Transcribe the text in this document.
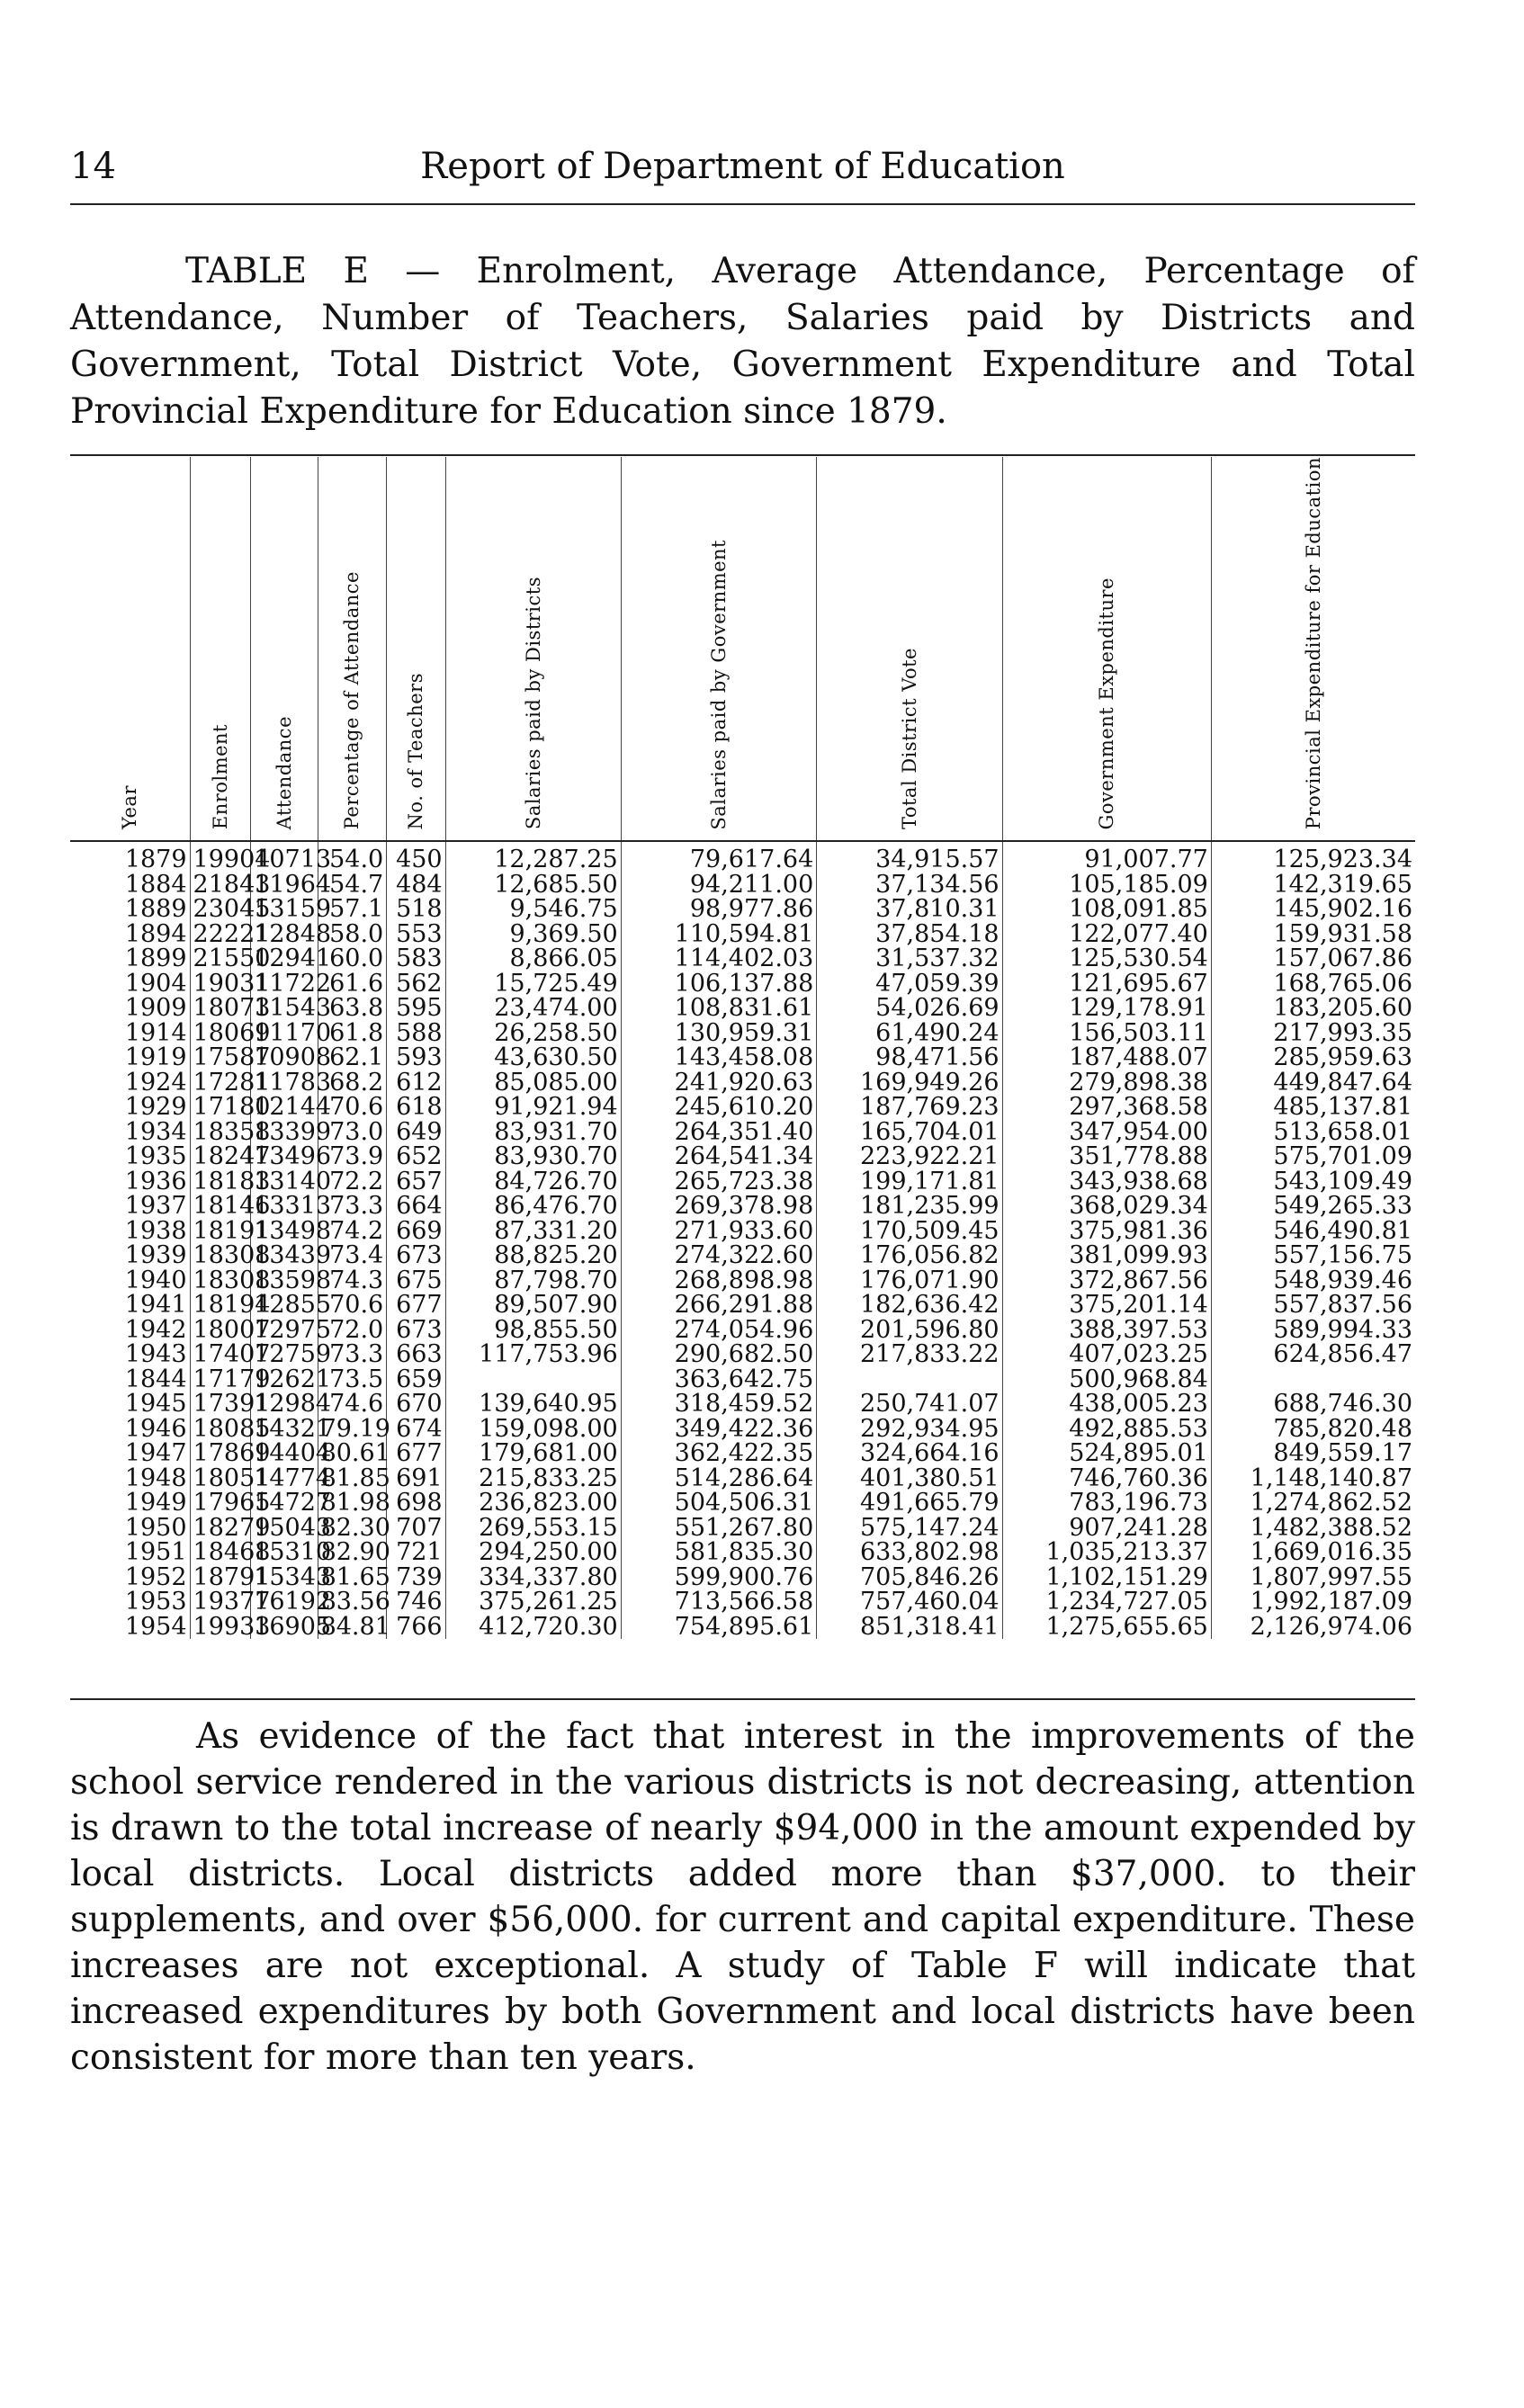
14	Report of Department of Education
TABLE E — Enrolment, Average Attendance, Percentage of Attendance, Number of Teachers, Salaries paid by Districts and Government, Total District Vote, Government Expenditure and Total Provincial Expenditure for Education since 1879.
Year	Enrolment	Attendance	Percentage of Attendance	No. of Teachers	Salaries paid by Districts	Salaries paid by Government	Total District Vote	Government Expenditure	Provincial Expenditure for Education
1879	19904	10713	54.0	450	12,287.25	79,617.64	34,915.57	91,007.77	125,923.34
1884	21843	11964	54.7	484	12,685.50	94,211.00	37,134.56	105,185.09	142,319.65
1889	23045	13159	57.1	518	9,546.75	98,977.86	37,810.31	108,091.85	145,902.16
1894	22221	12848	58.0	553	9,369.50	110,594.81	37,854.18	122,077.40	159,931.58
1899	21550	12941	60.0	583	8,866.05	114,402.03	31,537.32	125,530.54	157,067.86
1904	19031	11722	61.6	562	15,725.49	106,137.88	47,059.39	121,695.67	168,765.06
1909	18073	11543	63.8	595	23,474.00	108,831.61	54,026.69	129,178.91	183,205.60
1914	18069	11170	61.8	588	26,258.50	130,959.31	61,490.24	156,503.11	217,993.35
1919	17587	10908	62.1	593	43,630.50	143,458.08	98,471.56	187,488.07	285,959.63
1924	17281	11783	68.2	612	85,085.00	241,920.63	169,949.26	279,898.38	449,847.64
1929	17180	12144	70.6	618	91,921.94	245,610.20	187,769.23	297,368.58	485,137.81
1934	18358	13399	73.0	649	83,931.70	264,351.40	165,704.01	347,954.00	513,658.01
1935	18247	13496	73.9	652	83,930.70	264,541.34	223,922.21	351,778.88	575,701.09
1936	18183	13140	72.2	657	84,726.70	265,723.38	199,171.81	343,938.68	543,109.49
1937	18146	13313	73.3	664	86,476.70	269,378.98	181,235.99	368,029.34	549,265.33
1938	18191	13498	74.2	669	87,331.20	271,933.60	170,509.45	375,981.36	546,490.81
1939	18308	13439	73.4	673	88,825.20	274,322.60	176,056.82	381,099.93	557,156.75
1940	18308	13598	74.3	675	87,798.70	268,898.98	176,071.90	372,867.56	548,939.46
1941	18194	12855	70.6	677	89,507.90	266,291.88	182,636.42	375,201.14	557,837.56
1942	18007	12975	72.0	673	98,855.50	274,054.96	201,596.80	388,397.53	589,994.33
1943	17407	12759	73.3	663	117,753.96	290,682.50	217,833.22	407,023.25	624,856.47
1844	17179	12621	73.5	659		363,642.75		500,968.84	
1945	17391	12984	74.6	670	139,640.95	318,459.52	250,741.07	438,005.23	688,746.30
1946	18085	14321	79.19	674	159,098.00	349,422.36	292,934.95	492,885.53	785,820.48
1947	17869	14404	80.61	677	179,681.00	362,422.35	324,664.16	524,895.01	849,559.17
1948	18051	14774	81.85	691	215,833.25	514,286.64	401,380.51	746,760.36	1,148,140.87
1949	17965	14727	81.98	698	236,823.00	504,506.31	491,665.79	783,196.73	1,274,862.52
1950	18279	15043	82.30	707	269,553.15	551,267.80	575,147.24	907,241.28	1,482,388.52
1951	18468	15310	82.90	721	294,250.00	581,835.30	633,802.98	1,035,213.37	1,669,016.35
1952	18791	15343	81.65	739	334,337.80	599,900.76	705,846.26	1,102,151.29	1,807,997.55
1953	19377	16192	83.56	746	375,261.25	713,566.58	757,460.04	1,234,727.05	1,992,187.09
1954	19933	16905	84.81	766	412,720.30	754,895.61	851,318.41	1,275,655.65	2,126,974.06
As evidence of the fact that interest in the improvements of the school service rendered in the various districts is not decreasing, attention is drawn to the total increase of nearly $94,000 in the amount expended by local districts. Local districts added more than $37,000. to their supplements, and over $56,000. for current and capital expenditure. These increases are not exceptional. A study of Table F will indicate that increased expenditures by both Government and local districts have been consistent for more than ten years.
